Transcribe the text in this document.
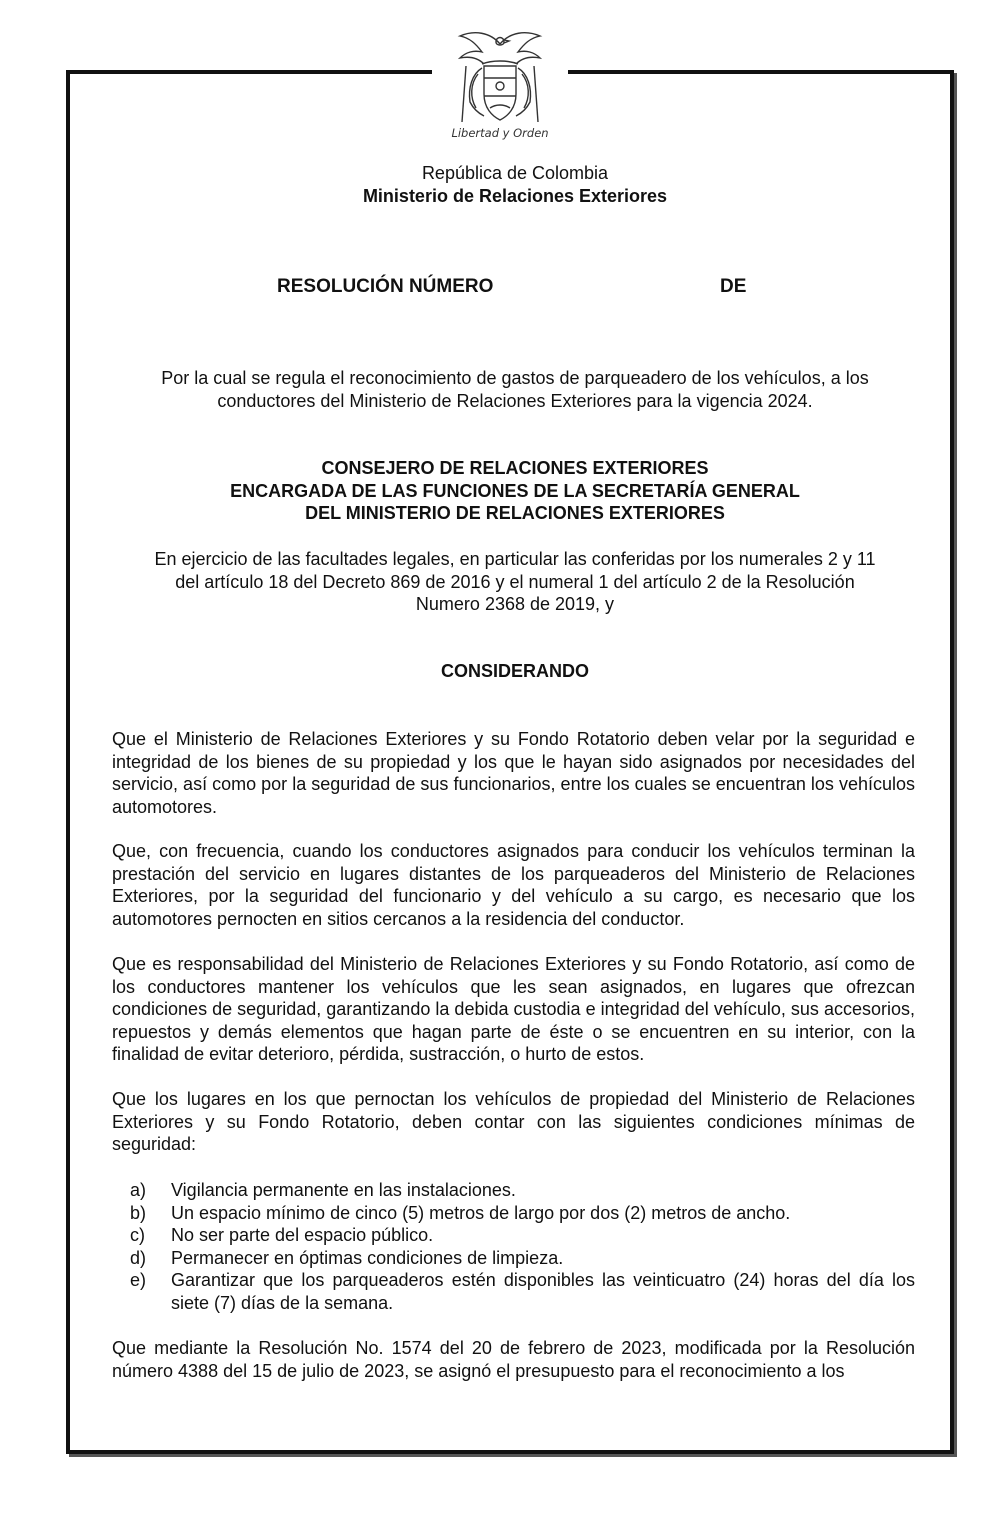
Libertad y Orden
República de Colombia
Ministerio de Relaciones Exteriores
RESOLUCIÓN NÚMERO	DE
Por la cual se regula el reconocimiento de gastos de parqueadero de los vehículos, a los
conductores del Ministerio de Relaciones Exteriores para la vigencia 2024.
CONSEJERO DE RELACIONES EXTERIORES
ENCARGADA DE LAS FUNCIONES DE LA SECRETARÍA GENERAL
DEL MINISTERIO DE RELACIONES EXTERIORES
En ejercicio de las facultades legales, en particular las conferidas por los numerales 2 y 11
del artículo 18 del Decreto 869 de 2016 y el numeral 1 del artículo 2 de la Resolución
Numero 2368 de 2019, y
CONSIDERANDO
Que el Ministerio de Relaciones Exteriores y su Fondo Rotatorio deben velar por la seguridad e integridad de los bienes de su propiedad y los que le hayan sido asignados por necesidades del servicio, así como por la seguridad de sus funcionarios, entre los cuales se encuentran los vehículos automotores.
Que, con frecuencia, cuando los conductores asignados para conducir los vehículos terminan la prestación del servicio en lugares distantes de los parqueaderos del Ministerio de Relaciones Exteriores, por la seguridad del funcionario y del vehículo a su cargo, es necesario que los automotores pernocten en sitios cercanos a la residencia del conductor.
Que es responsabilidad del Ministerio de Relaciones Exteriores y su Fondo Rotatorio, así como de los conductores mantener los vehículos que les sean asignados, en lugares que ofrezcan condiciones de seguridad, garantizando la debida custodia e integridad del vehículo, sus accesorios, repuestos y demás elementos que hagan parte de éste o se encuentren en su interior, con la finalidad de evitar deterioro, pérdida, sustracción, o hurto de estos.
Que los lugares en los que pernoctan los vehículos de propiedad del Ministerio de Relaciones Exteriores y su Fondo Rotatorio, deben contar con las siguientes condiciones mínimas de seguridad:
a)	Vigilancia permanente en las instalaciones.
b)	Un espacio mínimo de cinco (5) metros de largo por dos (2) metros de ancho.
c)	No ser parte del espacio público.
d)	Permanecer en óptimas condiciones de limpieza.
e)	Garantizar que los parqueaderos estén disponibles las veinticuatro (24) horas del día los siete (7) días de la semana.
Que mediante la Resolución No. 1574 del 20 de febrero de 2023, modificada por la Resolución número 4388 del 15 de julio de 2023, se asignó el presupuesto para el reconocimiento a los
